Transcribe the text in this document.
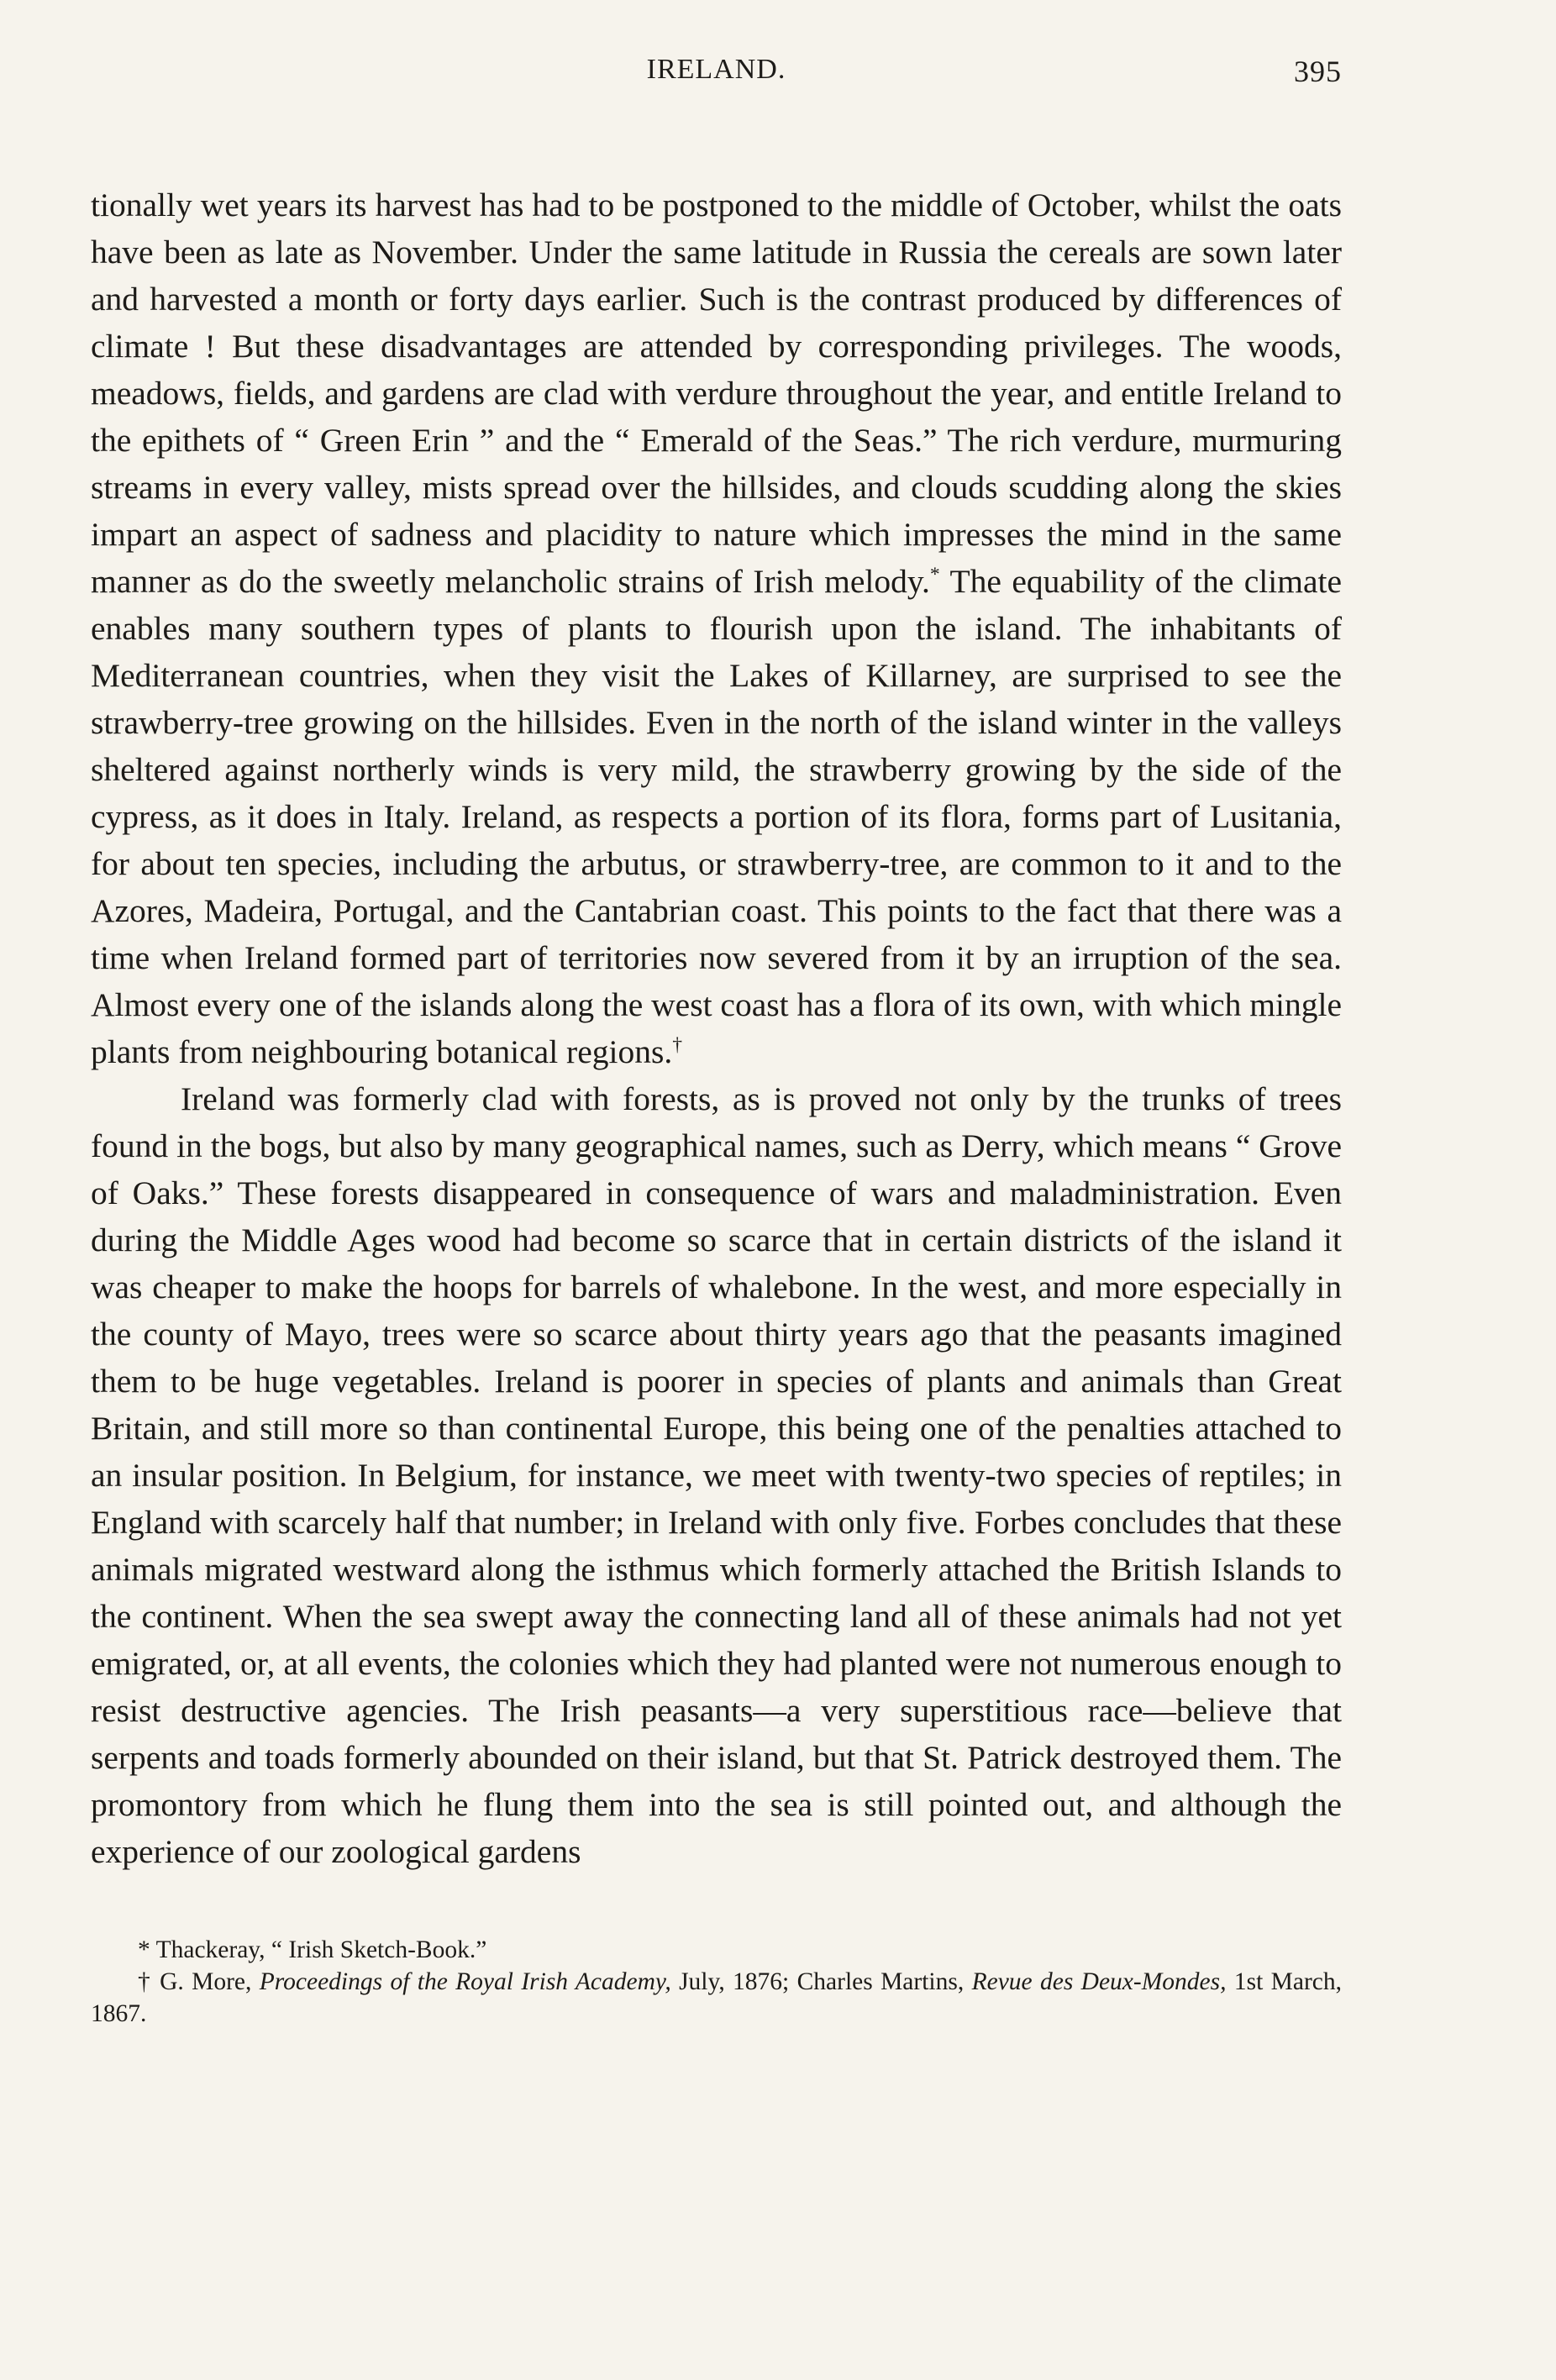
IRELAND.	395

tionally wet years its harvest has had to be postponed to the middle of October, whilst the oats have been as late as November. Under the same latitude in Russia the cereals are sown later and harvested a month or forty days earlier. Such is the contrast produced by differences of climate ! But these disadvantages are attended by corresponding privileges. The woods, meadows, fields, and gardens are clad with verdure throughout the year, and entitle Ireland to the epithets of “ Green Erin ” and the “ Emerald of the Seas.” The rich verdure, murmuring streams in every valley, mists spread over the hillsides, and clouds scudding along the skies impart an aspect of sadness and placidity to nature which impresses the mind in the same manner as do the sweetly melancholic strains of Irish melody.* The equability of the climate enables many southern types of plants to flourish upon the island. The inhabitants of Mediterranean countries, when they visit the Lakes of Killarney, are surprised to see the strawberry-tree growing on the hillsides. Even in the north of the island winter in the valleys sheltered against northerly winds is very mild, the strawberry growing by the side of the cypress, as it does in Italy. Ireland, as respects a portion of its flora, forms part of Lusitania, for about ten species, including the arbutus, or strawberry-tree, are common to it and to the Azores, Madeira, Portugal, and the Cantabrian coast. This points to the fact that there was a time when Ireland formed part of territories now severed from it by an irruption of the sea. Almost every one of the islands along the west coast has a flora of its own, with which mingle plants from neighbouring botanical regions.†

Ireland was formerly clad with forests, as is proved not only by the trunks of trees found in the bogs, but also by many geographical names, such as Derry, which means “ Grove of Oaks.” These forests disappeared in consequence of wars and maladministration. Even during the Middle Ages wood had become so scarce that in certain districts of the island it was cheaper to make the hoops for barrels of whalebone. In the west, and more especially in the county of Mayo, trees were so scarce about thirty years ago that the peasants imagined them to be huge vegetables. Ireland is poorer in species of plants and animals than Great Britain, and still more so than continental Europe, this being one of the penalties attached to an insular position. In Belgium, for instance, we meet with twenty-two species of reptiles; in England with scarcely half that number; in Ireland with only five. Forbes concludes that these animals migrated westward along the isthmus which formerly attached the British Islands to the continent. When the sea swept away the connecting land all of these animals had not yet emigrated, or, at all events, the colonies which they had planted were not numerous enough to resist destructive agencies. The Irish peasants—a very superstitious race—believe that serpents and toads formerly abounded on their island, but that St. Patrick destroyed them. The promontory from which he flung them into the sea is still pointed out, and although the experience of our zoological gardens

* Thackeray, “ Irish Sketch-Book.”

† G. More, Proceedings of the Royal Irish Academy, July, 1876; Charles Martins, Revue des Deux-Mondes, 1st March, 1867.
